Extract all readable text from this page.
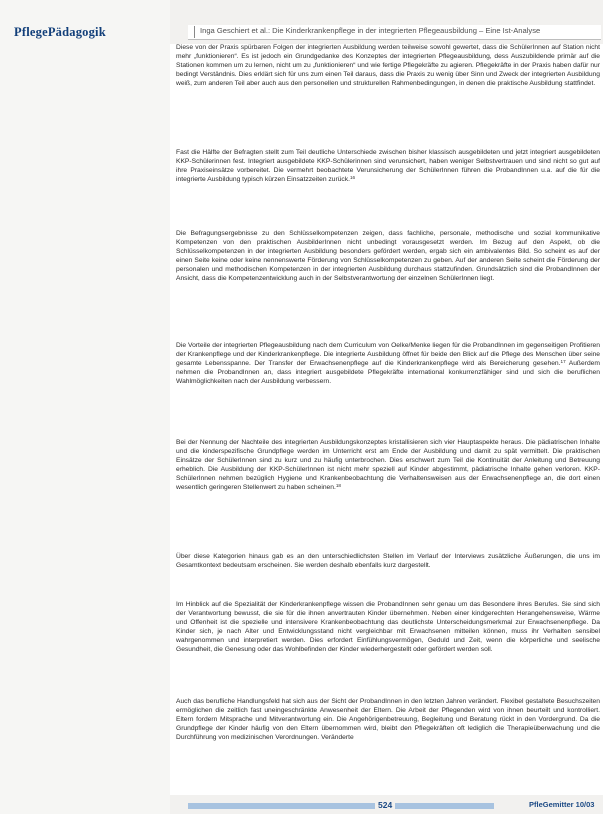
PflegePädagogik	Inga Geschiert et al.: Die Kinderkrankenpflege in der integrierten Pflegeausbildung – Eine Ist-Analyse

Diese von der Praxis spürbaren Folgen der integrierten Ausbildung werden teilweise sowohl gewertet, dass die SchülerInnen auf Station nicht mehr „funktionieren“. Es ist jedoch ein Grundgedanke des Konzeptes der integrierten Pflegeausbildung, dess Auszubildende primär auf die Stationen kommen um zu lernen, nicht um zu „funktionieren“ und wie fertige Pflegekräfte zu agieren. Pflegekräfte in der Praxis haben dafür nur bedingt Verständnis. Dies erklärt sich für uns zum einen Teil daraus, dass die Praxis zu wenig über Sinn und Zweck der integrierten Ausbildung weiß, zum anderen Teil aber auch aus den personellen und strukturellen Rahmenbedingungen, in denen die praktische Ausbildung stattfindet.

Fast die Hälfte der Befragten stellt zum Teil deutliche Unterschiede zwischen bisher klassisch ausgebildeten und jetzt integriert ausgebildeten KKP-Schülerinnen fest. Integriert ausgebildete KKP-Schülerinnen sind verunsichert, haben weniger Selbstvertrauen und sind nicht so gut auf ihre Praxiseinsätze vorbereitet. Die vermehrt beobachtete Verunsicherung der SchülerInnen führen die ProbandInnen u.a. auf die für die integrierte Ausbildung typisch kürzen Einsatzzeiten zurück.$^{16}$

Die Befragungsergebnisse zu den Schlüsselkompetenzen zeigen, dass fachliche, personale, methodische und sozial kommunikative Kompetenzen von den praktischen AusbilderInnen nicht unbedingt vorausgesetzt werden. Im Bezug auf den Aspekt, ob die Schlüsselkompetenzen in der integrierten Ausbildung besonders gefördert werden, ergab sich ein ambivalentes Bild. So scheint es auf der einen Seite keine oder keine nennenswerte Förderung von Schlüsselkompetenzen zu geben. Auf der anderen Seite scheint die Förderung der personalen und methodischen Kompetenzen in der integrierten Ausbildung durchaus stattzufinden. Grundsätzlich sind die ProbandInnen der Ansicht, dass die Kompetenzentwicklung auch in der Selbstverantwortung der einzelnen SchülerInnen liegt.

Die Vorteile der integrierten Pflegeausbildung nach dem Curriculum von Oelke/Menke liegen für die ProbandInnen im gegenseitigen Profitieren der Krankenpflege und der Kinderkrankenpflege. Die integrierte Ausbildung öffnet für beide den Blick auf die Pflege des Menschen über seine gesamte Lebensspanne. Der Transfer der Erwachsenenpflege auf die Kinderkrankenpflege wird als Bereicherung gesehen.$^{17}$ Außerdem nehmen die ProbandInnen an, dass integriert ausgebildete Pflegekräfte international konkurrenzfähiger sind und sich die beruflichen Wahlmöglichkeiten nach der Ausbildung verbessern.

Bei der Nennung der Nachteile des integrierten Ausbildungskonzeptes kristallisieren sich vier Hauptaspekte heraus. Die pädiatrischen Inhalte und die kinderspezifische Grundpflege werden im Unterricht erst am Ende der Ausbildung und damit zu spät vermittelt. Die praktischen Einsätze der SchülerInnen sind zu kurz und zu häufig unterbrochen. Dies erschwert zum Teil die Kontinuität der Anleitung und Betreuung erheblich. Die Ausbildung der KKP-SchülerInnen ist nicht mehr speziell auf Kinder abgestimmt, pädiatrische Inhalte gehen verloren. KKP-SchülerInnen nehmen bezüglich Hygiene und Krankenbeobachtung die Verhaltensweisen aus der Erwachsenenpflege an, die dort einen wesentlich geringeren Stellenwert zu haben scheinen.$^{18}$

Über diese Kategorien hinaus gab es an den unterschiedlichsten Stellen im Verlauf der Interviews zusätzliche Äußerungen, die uns im Gesamtkontext bedeutsam erscheinen. Sie werden deshalb ebenfalls kurz dargestellt.

Im Hinblick auf die Spezialität der Kinderkrankenpflege wissen die ProbandInnen sehr genau um das Besondere ihres Berufes. Sie sind sich der Verantwortung bewusst, die sie für die ihnen anvertrauten Kinder übernehmen. Neben einer kindgerechten Herangehensweise, Wärme und Offenheit ist die spezielle und intensivere Krankenbeobachtung das deutlichste Unterscheidungsmerkmal zur Erwachsenenpflege. Da Kinder sich, je nach Alter und Entwicklungsstand nicht vergleichbar mit Erwachsenen mitteilen können, muss ihr Verhalten sensibel wahrgenommen und interpretiert werden. Dies erfordert Einfühlungsvermögen, Geduld und Zeit, wenn die körperliche und seelische Gesundheit, die Genesung oder das Wohlbefinden der Kinder wiederhergestellt oder gefördert werden soll.

Auch das berufliche Handlungsfeld hat sich aus der Sicht der ProbandInnen in den letzten Jahren verändert. Flexibel gestaltete Besuchszeiten ermöglichen die zeitlich fast uneingeschränkte Anwesenheit der Eltern. Die Arbeit der Pflegenden wird von ihnen beurteilt und kontrolliert. Eltern fordern Mitsprache und Mitverantwortung ein. Die Angehörigenbetreuung, Begleitung und Beratung rückt in den Vordergrund. Da die Grundpflege der Kinder häufig von den Eltern übernommen wird, bleibt den Pflegekräften oft lediglich die Therapieüberwachung und die Durchführung von medizinischen Verordnungen. Veränderte

524	PfleGemitter 10/03
